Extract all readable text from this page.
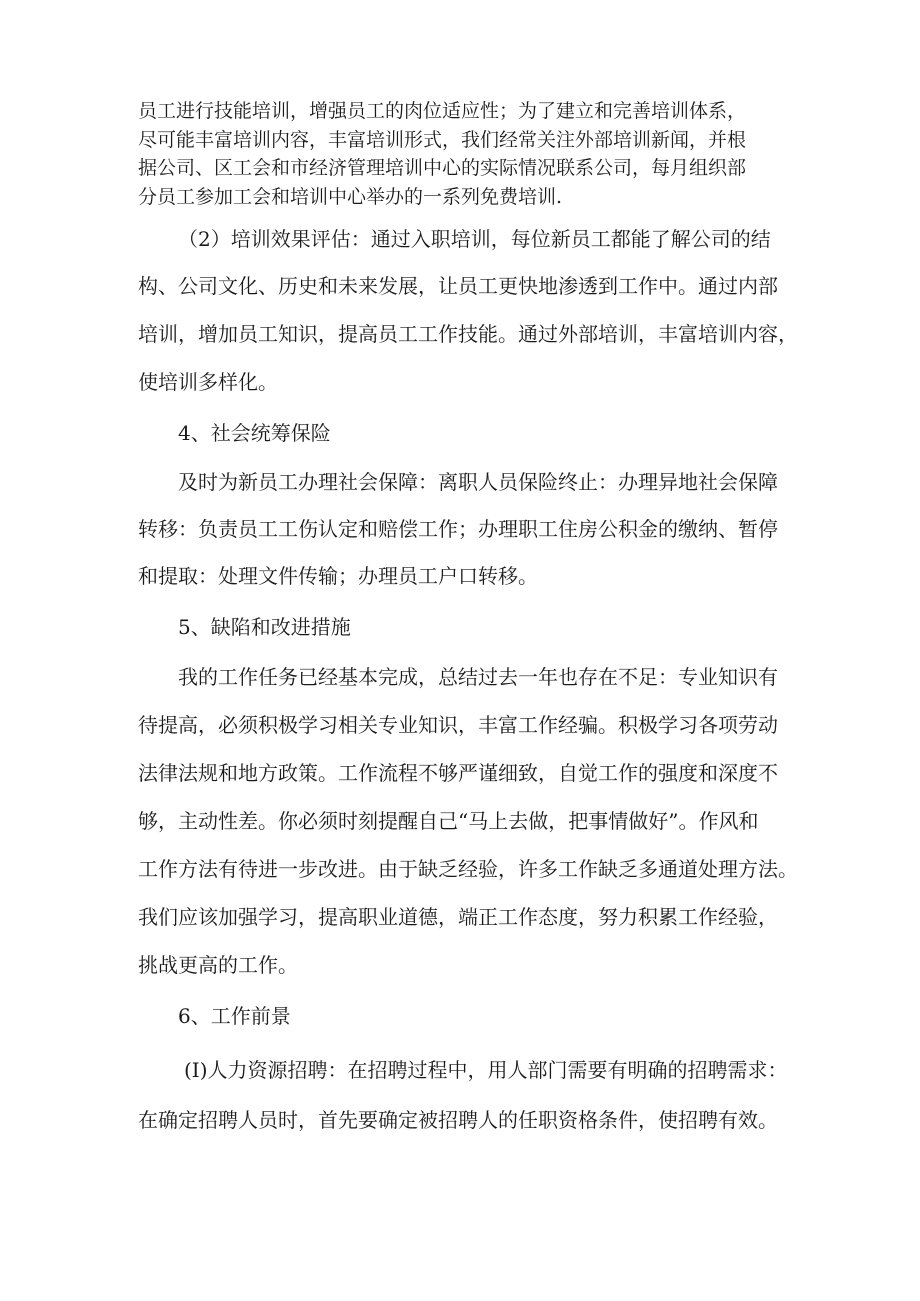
员工进行技能培训，增强员工的肉位适应性；为了建立和完善培训体系，
尽可能丰富培训内容，丰富培训形式，我们经常关注外部培训新闻，并根
据公司、区工会和市经济管理培训中心的实际情况联系公司，每月组织部
分员工参加工会和培训中心举办的一系列免费培训.
（2）培训效果评估：通过入职培训，每位新员工都能了解公司的结
构、公司文化、历史和未来发展，让员工更快地渗透到工作中。通过内部
培训，增加员工知识，提高员工工作技能。通过外部培训，丰富培训内容，
使培训多样化。
4、社会统筹保险
及时为新员工办理社会保障：离职人员保险终止：办理异地社会保障
转移：负责员工工伤认定和赔偿工作；办理职工住房公积金的缴纳、暂停
和提取：处理文件传输；办理员工户口转移。
5、缺陷和改进措施
我的工作任务已经基本完成，总结过去一年也存在不足：专业知识有
待提高，必须积极学习相关专业知识，丰富工作经骗。积极学习各项劳动
法律法规和地方政策。工作流程不够严谨细致，自觉工作的强度和深度不
够，主动性差。你必须时刻提醒自己“马上去做，把事情做好”。作风和
工作方法有待进一步改进。由于缺乏经验，许多工作缺乏多通道处理方法。
我们应该加强学习，提高职业道德，端正工作态度，努力积累工作经验，
挑战更高的工作。
6、工作前景
(I)人力资源招聘：在招聘过程中，用人部门需要有明确的招聘需求：
在确定招聘人员时，首先要确定被招聘人的任职资格条件，使招聘有效。
